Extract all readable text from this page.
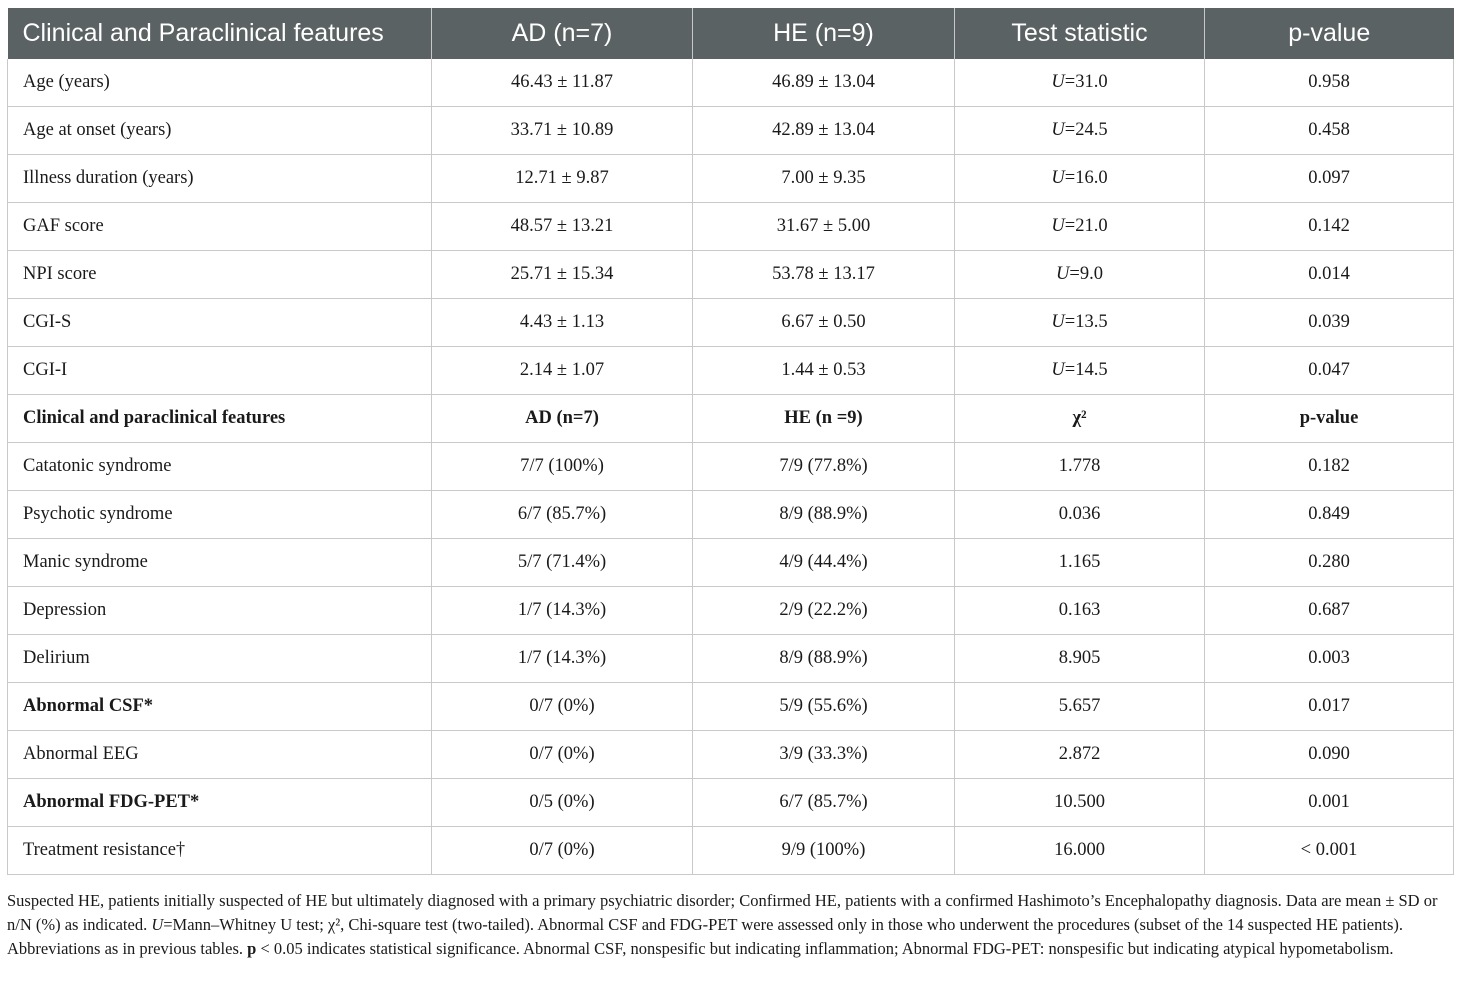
Clinical and Paraclinical features	AD (n=7)	HE (n=9)	Test statistic	p-value
Age (years)	46.43 ± 11.87	46.89 ± 13.04	U=31.0	0.958
Age at onset (years)	33.71 ± 10.89	42.89 ± 13.04	U=24.5	0.458
Illness duration (years)	12.71 ± 9.87	7.00 ± 9.35	U=16.0	0.097
GAF score	48.57 ± 13.21	31.67 ± 5.00	U=21.0	0.142
NPI score	25.71 ± 15.34	53.78 ± 13.17	U=9.0	0.014
CGI-S	4.43 ± 1.13	6.67 ± 0.50	U=13.5	0.039
CGI-I	2.14 ± 1.07	1.44 ± 0.53	U=14.5	0.047
Clinical and paraclinical features	AD (n=7)	HE (n =9)	χ²	p-value
Catatonic syndrome	7/7 (100%)	7/9 (77.8%)	1.778	0.182
Psychotic syndrome	6/7 (85.7%)	8/9 (88.9%)	0.036	0.849
Manic syndrome	5/7 (71.4%)	4/9 (44.4%)	1.165	0.280
Depression	1/7 (14.3%)	2/9 (22.2%)	0.163	0.687
Delirium	1/7 (14.3%)	8/9 (88.9%)	8.905	0.003
Abnormal CSF*	0/7 (0%)	5/9 (55.6%)	5.657	0.017
Abnormal EEG	0/7 (0%)	3/9 (33.3%)	2.872	0.090
Abnormal FDG-PET*	0/5 (0%)	6/7 (85.7%)	10.500	0.001
Treatment resistance†	0/7 (0%)	9/9 (100%)	16.000	< 0.001
Suspected HE, patients initially suspected of HE but ultimately diagnosed with a primary psychiatric disorder; Confirmed HE, patients with a confirmed Hashimoto’s Encephalopathy diagnosis. Data are mean ± SD or n/N (%) as indicated. U=Mann–Whitney U test; χ², Chi-square test (two-tailed). Abnormal CSF and FDG-PET were assessed only in those who underwent the procedures (subset of the 14 suspected HE patients). Abbreviations as in previous tables. p < 0.05 indicates statistical significance. Abnormal CSF, nonspesific but indicating inflammation; Abnormal FDG-PET: nonspesific but indicating atypical hypometabolism.
